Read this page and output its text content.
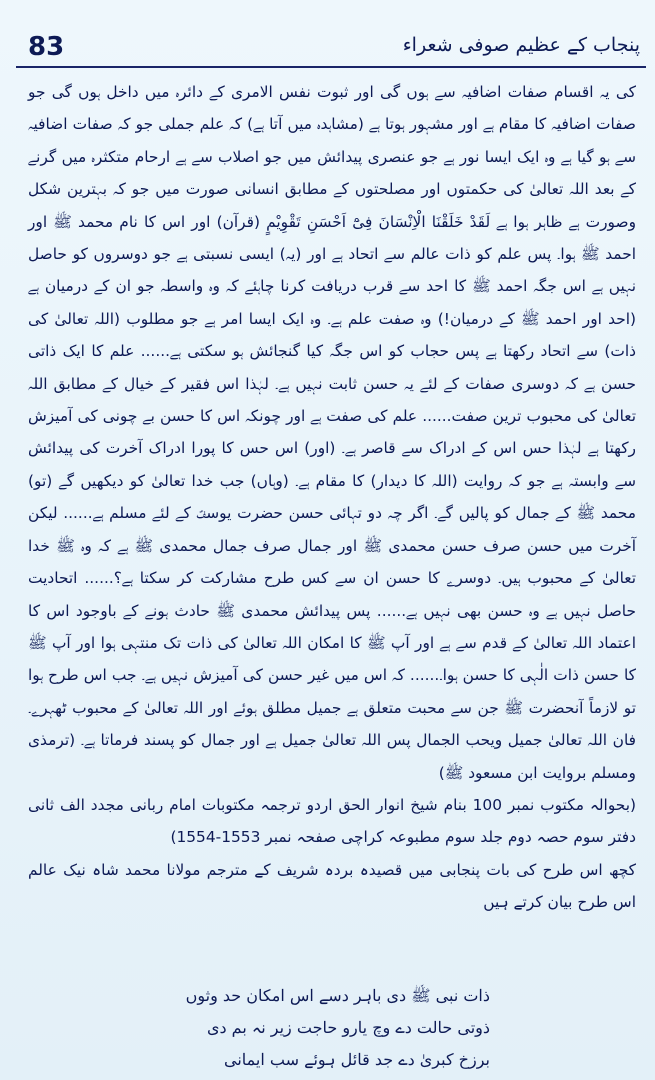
83	پنجاب کے عظیم صوفی شعراء

کی یہ اقسام صفات اضافیہ سے ہوں گی اور ثبوت نفس الامری کے دائرہ میں داخل ہوں گی جو صفات اضافیہ کا مقام ہے اور مشہور ہوتا ہے (مشاہدہ میں آتا ہے) کہ علم جملی جو کہ صفات اضافیہ سے ہو گیا ہے وہ ایک ایسا نور ہے جو عنصری پیدائش میں جو اصلاب سے ہے ارحام متکثرہ میں گرنے کے بعد اللہ تعالیٰ کی حکمتوں اور مصلحتوں کے مطابق انسانی صورت میں جو کہ بہترین شکل وصورت ہے ظاہر ہوا ہے لَقَدْ خَلَقْنَا الْاِنْسَانَ فِیْٓ اَحْسَنِ تَقْوِیْمٍ (قرآن) اور اس کا نام محمد ﷺ اور احمد ﷺ ہوا۔ پس علم کو ذات عالم سے اتحاد ہے اور (یہ) ایسی نسبتی ہے جو دوسروں کو حاصل نہیں ہے اس جگہ احمد ﷺ کا احد سے قرب دریافت کرنا چاہئے کہ وہ واسطہ جو ان کے درمیان ہے (احد اور احمد ﷺ کے درمیان!) وہ صفت علم ہے۔ وہ ایک ایسا امر ہے جو مطلوب (اللہ تعالیٰ کی ذات) سے اتحاد رکھتا ہے پس حجاب کو اس جگہ کیا گنجائش ہو سکتی ہے...... علم کا ایک ذاتی حسن ہے کہ دوسری صفات کے لئے یہ حسن ثابت نہیں ہے۔ لہٰذا اس فقیر کے خیال کے مطابق اللہ تعالیٰ کی محبوب ترین صفت...... علم کی صفت ہے اور چونکہ اس کا حسن بے چونی کی آمیزش رکھتا ہے لہٰذا حس اس کے ادراک سے قاصر ہے۔ (اور) اس حس کا پورا ادراک آخرت کی پیدائش سے وابستہ ہے جو کہ روایت (اللہ کا دیدار) کا مقام ہے۔ (وہاں) جب خدا تعالیٰ کو دیکھیں گے (تو) محمد ﷺ کے جمال کو پالیں گے۔ اگر چہ دو تہائی حسن حضرت یوسفؑ کے لئے مسلم ہے...... لیکن آخرت میں حسن صرف حسن محمدی ﷺ اور جمال صرف جمال محمدی ﷺ ہے کہ وہ ﷺ خدا تعالیٰ کے محبوب ہیں۔ دوسرے کا حسن ان سے کس طرح مشارکت کر سکتا ہے؟...... اتحادیت حاصل نہیں ہے وہ حسن بھی نہیں ہے...... پس پیدائش محمدی ﷺ حادث ہونے کے باوجود اس کا اعتماد اللہ تعالیٰ کے قدم سے ہے اور آپ ﷺ کا امکان اللہ تعالیٰ کی ذات تک منتہی ہوا اور آپ ﷺ کا حسن ذات الٰہی کا حسن ہوا۔...... کہ اس میں غیر حسن کی آمیزش نہیں ہے۔ جب اس طرح ہوا تو لازماً آنحضرت ﷺ جن سے محبت متعلق ہے جمیل مطلق ہوئے اور اللہ تعالیٰ کے محبوب ٹھہرے۔ فان اللہ تعالیٰ جمیل ویحب الجمال پس اللہ تعالیٰ جمیل ہے اور جمال کو پسند فرماتا ہے۔ (ترمذی ومسلم بروایت ابن مسعود ﷺ)

(بحوالہ مکتوب نمبر 100 بنام شیخ انوار الحق اردو ترجمہ مکتوبات امام ربانی مجدد الف ثانی دفتر سوم حصہ دوم جلد سوم مطبوعہ کراچی صفحہ نمبر 1553-1554)

کچھ اس طرح کی بات پنجابی میں قصیدہ بردہ شریف کے مترجم مولانا محمد شاہ نیک عالم اس طرح بیان کرتے ہیں

ذات نبی ﷺ دی باہر دسے اس امکان حد وثوں
ذوتی حالت دے وچ یارو حاجت زیر نہ بم دی
برزخ کبریٰ دے جد قائل ہوئے سب ایمانی
